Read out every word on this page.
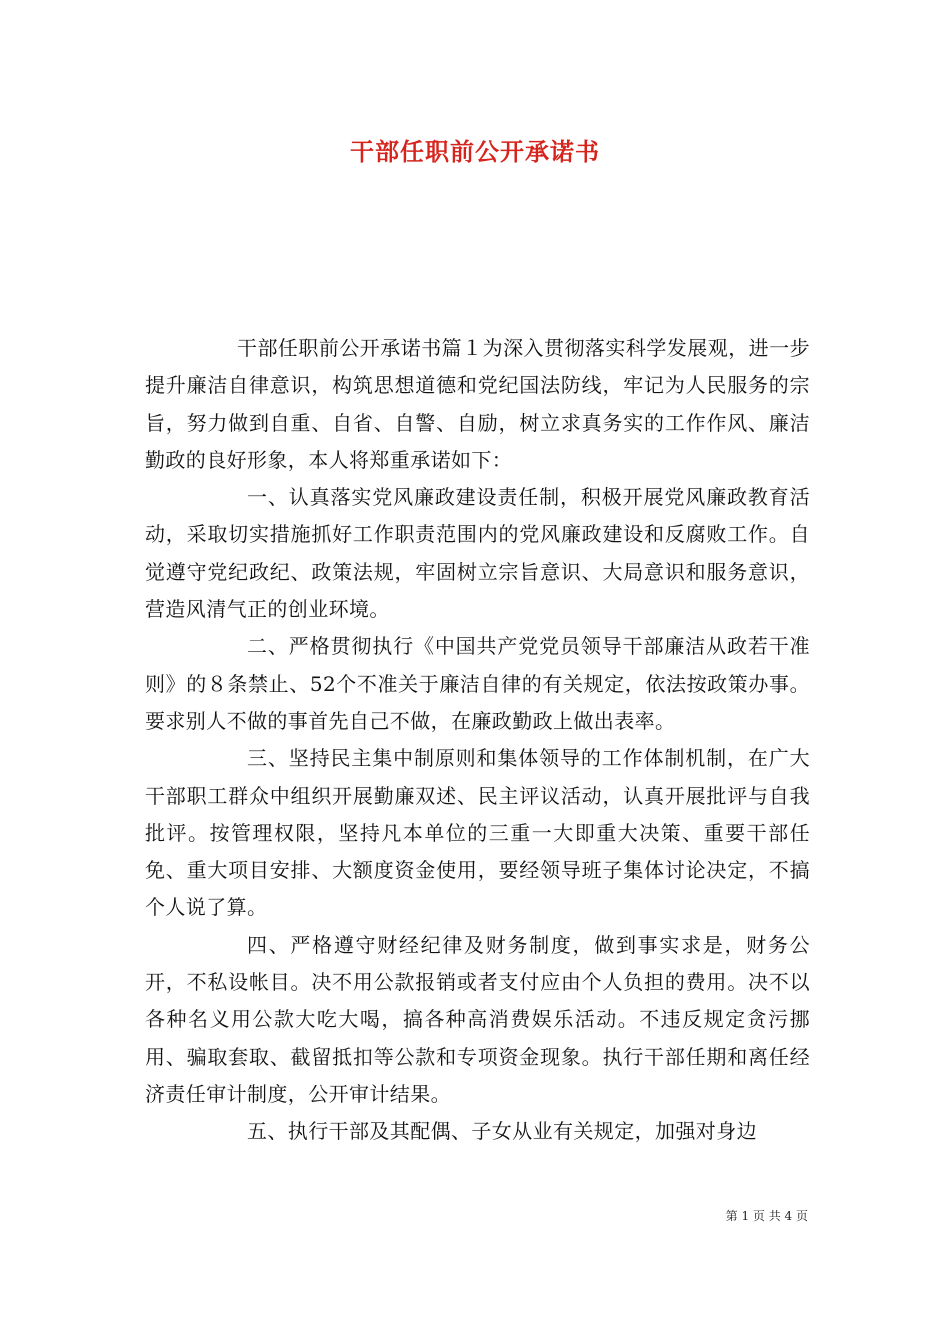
干部任职前公开承诺书

干部任职前公开承诺书篇１为深入贯彻落实科学发展观，进一步提升廉洁自律意识，构筑思想道德和党纪国法防线，牢记为人民服务的宗旨，努力做到自重、自省、自警、自励，树立求真务实的工作作风、廉洁勤政的良好形象，本人将郑重承诺如下：

一、认真落实党风廉政建设责任制，积极开展党风廉政教育活动，采取切实措施抓好工作职责范围内的党风廉政建设和反腐败工作。自觉遵守党纪政纪、政策法规，牢固树立宗旨意识、大局意识和服务意识，营造风清气正的创业环境。

二、严格贯彻执行《中国共产党党员领导干部廉洁从政若干准则》的８条禁止、52个不准关于廉洁自律的有关规定，依法按政策办事。要求别人不做的事首先自己不做，在廉政勤政上做出表率。

三、坚持民主集中制原则和集体领导的工作体制机制，在广大干部职工群众中组织开展勤廉双述、民主评议活动，认真开展批评与自我批评。按管理权限，坚持凡本单位的三重一大即重大决策、重要干部任免、重大项目安排、大额度资金使用，要经领导班子集体讨论决定，不搞个人说了算。

四、严格遵守财经纪律及财务制度，做到事实求是，财务公开，不私设帐目。决不用公款报销或者支付应由个人负担的费用。决不以各种名义用公款大吃大喝，搞各种高消费娱乐活动。不违反规定贪污挪用、骗取套取、截留抵扣等公款和专项资金现象。执行干部任期和离任经济责任审计制度，公开审计结果。

五、执行干部及其配偶、子女从业有关规定，加强对身边

第 1 页 共 4 页
